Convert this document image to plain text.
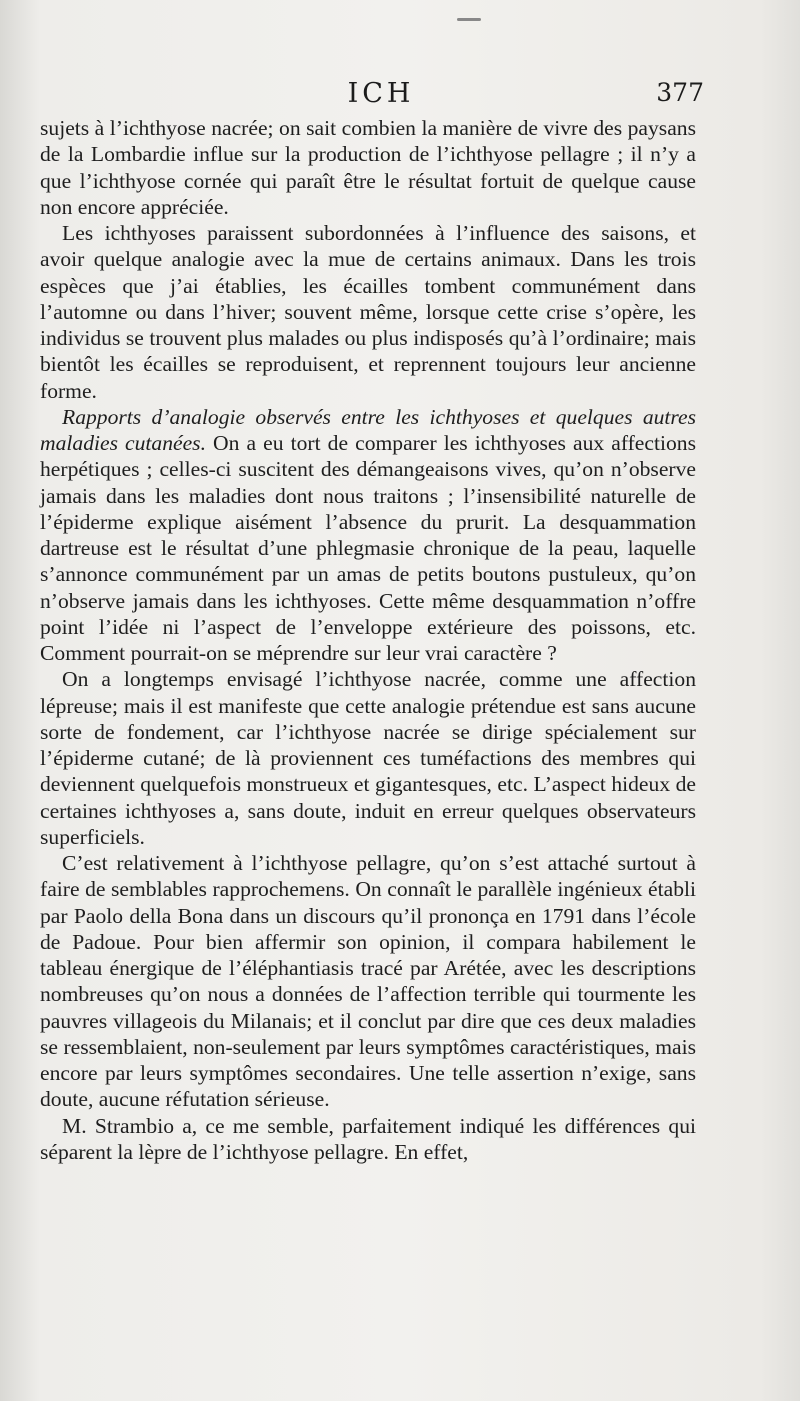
ICH	377

sujets à l’ichthyose nacrée; on sait combien la manière de vivre des paysans de la Lombardie influe sur la production de l’ichthyose pellagre ; il n’y a que l’ichthyose cornée qui paraît être le résultat fortuit de quelque cause non encore appréciée.

Les ichthyoses paraissent subordonnées à l’influence des saisons, et avoir quelque analogie avec la mue de certains animaux. Dans les trois espèces que j’ai établies, les écailles tombent communément dans l’automne ou dans l’hiver; souvent même, lorsque cette crise s’opère, les individus se trouvent plus malades ou plus indisposés qu’à l’ordinaire; mais bientôt les écailles se reproduisent, et reprennent toujours leur ancienne forme.

Rapports d’analogie observés entre les ichthyoses et quelques autres maladies cutanées. On a eu tort de comparer les ichthyoses aux affections herpétiques ; celles-ci suscitent des démangeaisons vives, qu’on n’observe jamais dans les maladies dont nous traitons ; l’insensibilité naturelle de l’épiderme explique aisément l’absence du prurit. La desquammation dartreuse est le résultat d’une phlegmasie chronique de la peau, laquelle s’annonce communément par un amas de petits boutons pustuleux, qu’on n’observe jamais dans les ichthyoses. Cette même desquammation n’offre point l’idée ni l’aspect de l’enveloppe extérieure des poissons, etc. Comment pourrait-on se méprendre sur leur vrai caractère ?

On a longtemps envisagé l’ichthyose nacrée, comme une affection lépreuse; mais il est manifeste que cette analogie prétendue est sans aucune sorte de fondement, car l’ichthyose nacrée se dirige spécialement sur l’épiderme cutané; de là proviennent ces tuméfactions des membres qui deviennent quelquefois monstrueux et gigantesques, etc. L’aspect hideux de certaines ichthyoses a, sans doute, induit en erreur quelques observateurs superficiels.

C’est relativement à l’ichthyose pellagre, qu’on s’est attaché surtout à faire de semblables rapprochemens. On connaît le parallèle ingénieux établi par Paolo della Bona dans un discours qu’il prononça en 1791 dans l’école de Padoue. Pour bien affermir son opinion, il compara habilement le tableau énergique de l’éléphantiasis tracé par Arétée, avec les descriptions nombreuses qu’on nous a données de l’affection terrible qui tourmente les pauvres villageois du Milanais; et il conclut par dire que ces deux maladies se ressemblaient, non-seulement par leurs symptômes caractéristiques, mais encore par leurs symptômes secondaires. Une telle assertion n’exige, sans doute, aucune réfutation sérieuse.

M. Strambio a, ce me semble, parfaitement indiqué les différences qui séparent la lèpre de l’ichthyose pellagre. En effet,
